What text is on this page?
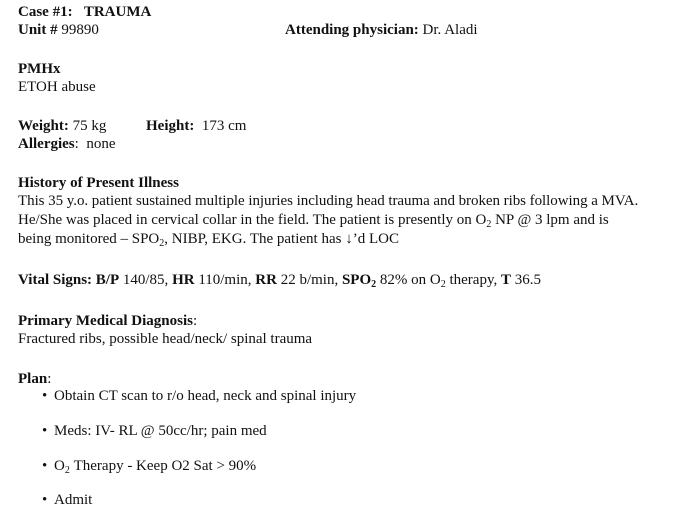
Case #1: TRAUMA
Unit # 99890	Attending physician: Dr. Aladi
PMHx
ETOH abuse
Weight: 75 kg	Height: 173 cm
Allergies:  none
History of Present Illness
This 35 y.o. patient sustained multiple injuries including head trauma and broken ribs following a MVA.
He/She was placed in cervical collar in the field. The patient is presently on $O_2$ NP @ 3 lpm and is
being monitored – $SPO_2$, NIBP, EKG. The patient has ↓’d LOC
Vital Signs: B/P 140/85, HR 110/min, RR 22 b/min, $SPO_2$ 82% on $O_2$ therapy, T 36.5
Primary Medical Diagnosis:
Fractured ribs, possible head/neck/ spinal trauma
Plan:
• Obtain CT scan to r/o head, neck and spinal injury
• Meds: IV- RL @ 50cc/hr; pain med
• $O_2$ Therapy - Keep O2 Sat > 90%
• Admit
